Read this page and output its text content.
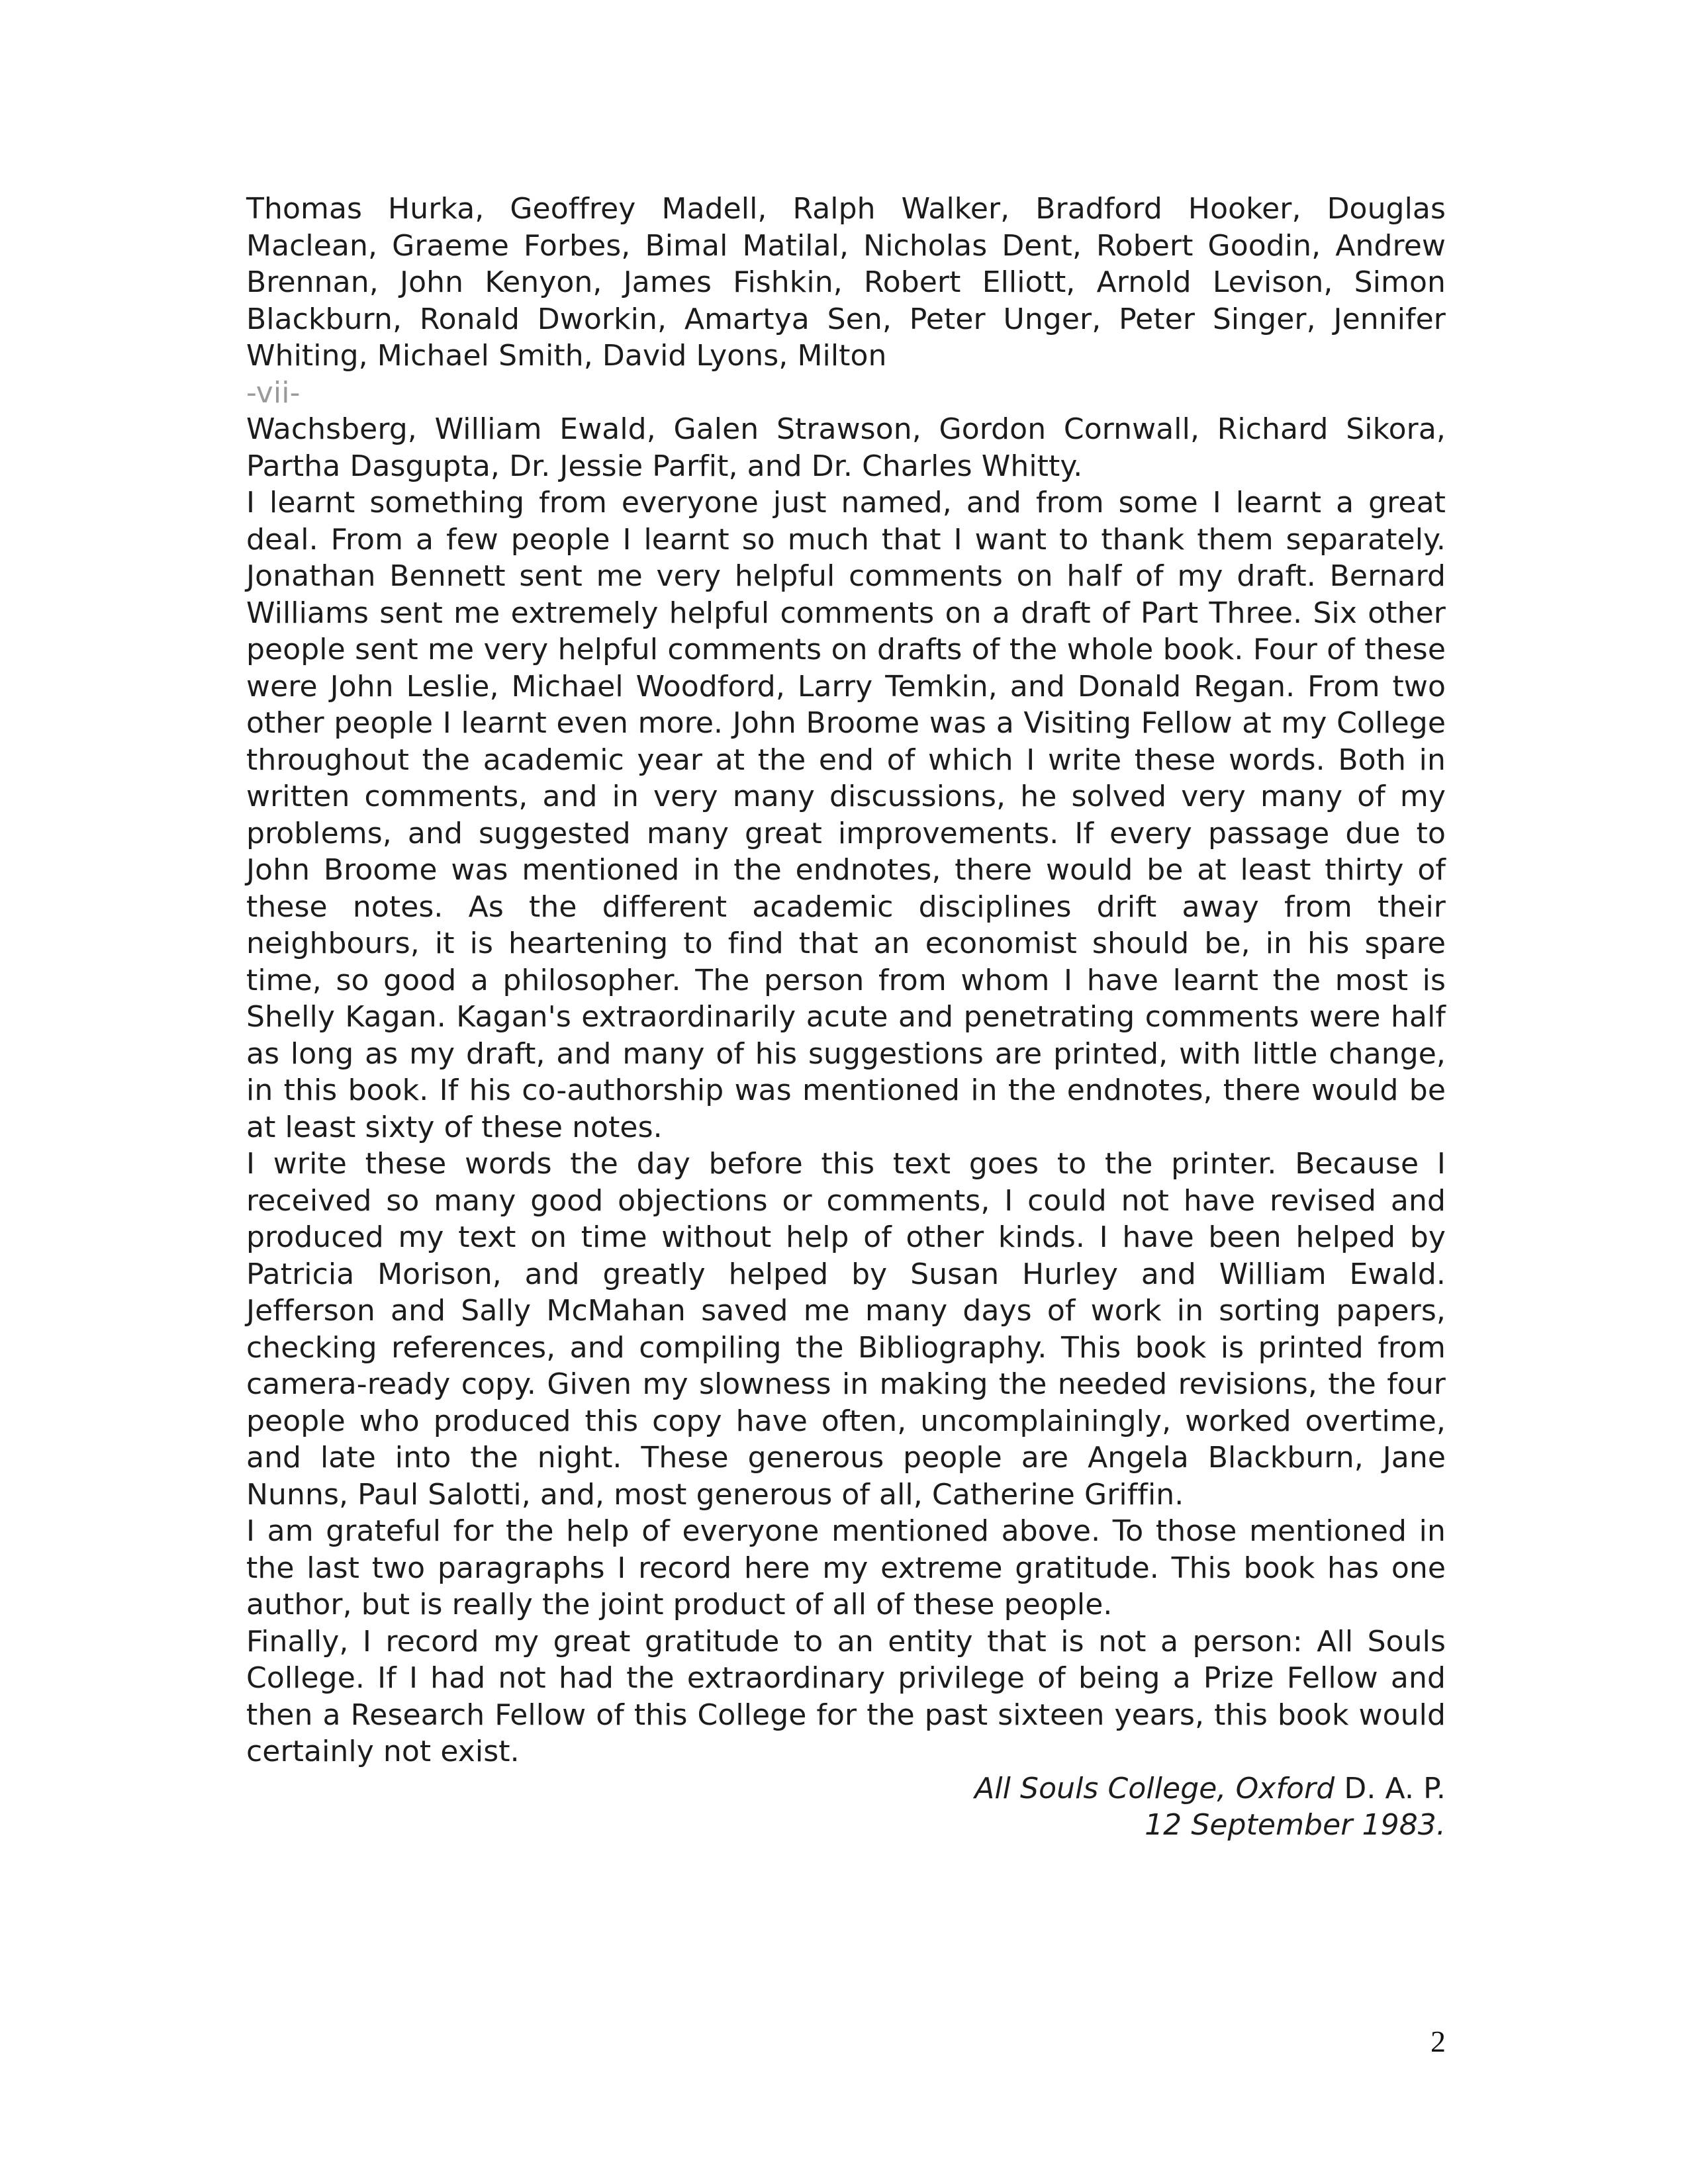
Thomas Hurka, Geoffrey Madell, Ralph Walker, Bradford Hooker, Douglas Maclean, Graeme Forbes, Bimal Matilal, Nicholas Dent, Robert Goodin, Andrew Brennan, John Kenyon, James Fishkin, Robert Elliott, Arnold Levison, Simon Blackburn, Ronald Dworkin, Amartya Sen, Peter Unger, Peter Singer, Jennifer Whiting, Michael Smith, David Lyons, Milton

-vii-

Wachsberg, William Ewald, Galen Strawson, Gordon Cornwall, Richard Sikora, Partha Dasgupta, Dr. Jessie Parfit, and Dr. Charles Whitty.

I learnt something from everyone just named, and from some I learnt a great deal. From a few people I learnt so much that I want to thank them separately. Jonathan Bennett sent me very helpful comments on half of my draft. Bernard Williams sent me extremely helpful comments on a draft of Part Three. Six other people sent me very helpful comments on drafts of the whole book. Four of these were John Leslie, Michael Woodford, Larry Temkin, and Donald Regan. From two other people I learnt even more. John Broome was a Visiting Fellow at my College throughout the academic year at the end of which I write these words. Both in written comments, and in very many discussions, he solved very many of my problems, and suggested many great improvements. If every passage due to John Broome was mentioned in the endnotes, there would be at least thirty of these notes. As the different academic disciplines drift away from their neighbours, it is heartening to find that an economist should be, in his spare time, so good a philosopher. The person from whom I have learnt the most is Shelly Kagan. Kagan's extraordinarily acute and penetrating comments were half as long as my draft, and many of his suggestions are printed, with little change, in this book. If his co-authorship was mentioned in the endnotes, there would be at least sixty of these notes.

I write these words the day before this text goes to the printer. Because I received so many good objections or comments, I could not have revised and produced my text on time without help of other kinds. I have been helped by Patricia Morison, and greatly helped by Susan Hurley and William Ewald. Jefferson and Sally McMahan saved me many days of work in sorting papers, checking references, and compiling the Bibliography. This book is printed from camera-ready copy. Given my slowness in making the needed revisions, the four people who produced this copy have often, uncomplainingly, worked overtime, and late into the night. These generous people are Angela Blackburn, Jane Nunns, Paul Salotti, and, most generous of all, Catherine Griffin.

I am grateful for the help of everyone mentioned above. To those mentioned in the last two paragraphs I record here my extreme gratitude. This book has one author, but is really the joint product of all of these people.

Finally, I record my great gratitude to an entity that is not a person: All Souls College. If I had not had the extraordinary privilege of being a Prize Fellow and then a Research Fellow of this College for the past sixteen years, this book would certainly not exist.

All Souls College, Oxford D. A. P.
12 September 1983.
2
